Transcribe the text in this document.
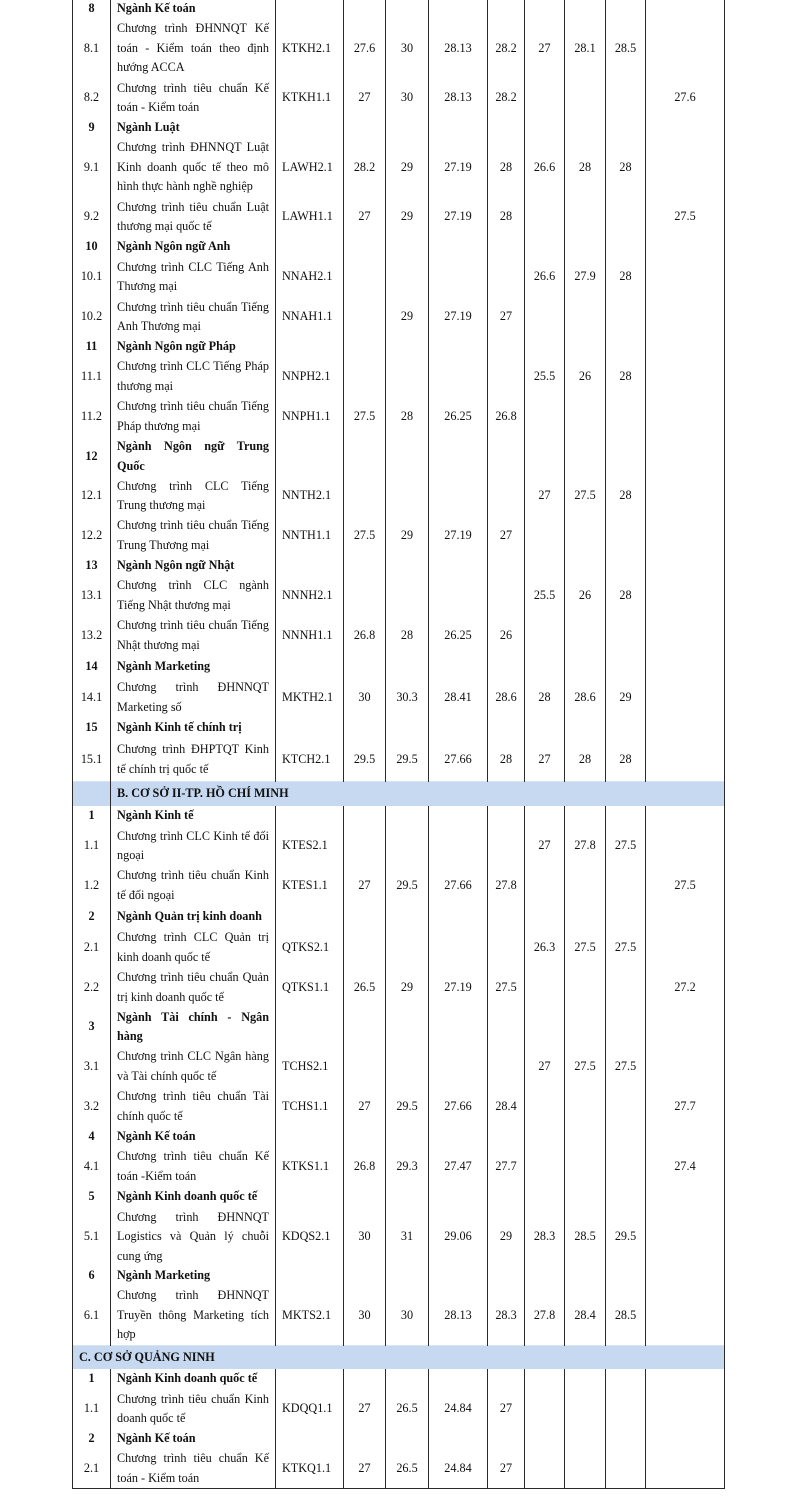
8	Ngành Kế toán									
8.1	Chương trình ĐHNNQT Kế toán - Kiểm toán theo định hướng ACCA	KTKH2.1	27.6	30	28.13	28.2	27	28.1	28.5	
8.2	Chương trình tiêu chuẩn Kế toán - Kiểm toán	KTKH1.1	27	30	28.13	28.2				27.6
9	Ngành Luật									
9.1	Chương trình ĐHNNQT Luật Kinh doanh quốc tế theo mô hình thực hành nghề nghiệp	LAWH2.1	28.2	29	27.19	28	26.6	28	28	
9.2	Chương trình tiêu chuẩn Luật thương mại quốc tế	LAWH1.1	27	29	27.19	28				27.5
10	Ngành Ngôn ngữ Anh									
10.1	Chương trình CLC Tiếng Anh Thương mại	NNAH2.1					26.6	27.9	28	
10.2	Chương trình tiêu chuẩn Tiếng Anh Thương mại	NNAH1.1		29	27.19	27				
11	Ngành Ngôn ngữ Pháp									
11.1	Chương trình CLC Tiếng Pháp thương mại	NNPH2.1					25.5	26	28	
11.2	Chương trình tiêu chuẩn Tiếng Pháp thương mại	NNPH1.1	27.5	28	26.25	26.8				
12	Ngành Ngôn ngữ Trung Quốc									
12.1	Chương trình CLC Tiếng Trung thương mại	NNTH2.1					27	27.5	28	
12.2	Chương trình tiêu chuẩn Tiếng Trung Thương mại	NNTH1.1	27.5	29	27.19	27				
13	Ngành Ngôn ngữ Nhật									
13.1	Chương trình CLC ngành Tiếng Nhật thương mại	NNNH2.1					25.5	26	28	
13.2	Chương trình tiêu chuẩn Tiếng Nhật thương mại	NNNH1.1	26.8	28	26.25	26				
14	Ngành Marketing									
14.1	Chương trình ĐHNNQT Marketing số	MKTH2.1	30	30.3	28.41	28.6	28	28.6	29	
15	Ngành Kinh tế chính trị									
15.1	Chương trình ĐHPTQT Kinh tế chính trị quốc tế	KTCH2.1	29.5	29.5	27.66	28	27	28	28	
	B. CƠ SỞ II-TP. HỒ CHÍ MINH									
1	Ngành Kinh tế									
1.1	Chương trình CLC Kinh tế đối ngoại	KTES2.1					27	27.8	27.5	
1.2	Chương trình tiêu chuẩn Kinh tế đối ngoại	KTES1.1	27	29.5	27.66	27.8				27.5
2	Ngành Quản trị kinh doanh									
2.1	Chương trình CLC Quản trị kinh doanh quốc tế	QTKS2.1					26.3	27.5	27.5	
2.2	Chương trình tiêu chuẩn Quản trị kinh doanh quốc tế	QTKS1.1	26.5	29	27.19	27.5				27.2
3	Ngành Tài chính - Ngân hàng									
3.1	Chương trình CLC Ngân hàng và Tài chính quốc tế	TCHS2.1					27	27.5	27.5	
3.2	Chương trình tiêu chuẩn Tài chính quốc tế	TCHS1.1	27	29.5	27.66	28.4				27.7
4	Ngành Kế toán									
4.1	Chương trình tiêu chuẩn Kế toán -Kiểm toán	KTKS1.1	26.8	29.3	27.47	27.7				27.4
5	Ngành Kinh doanh quốc tế									
5.1	Chương trình ĐHNNQT Logistics và Quản lý chuỗi cung ứng	KDQS2.1	30	31	29.06	29	28.3	28.5	29.5	
6	Ngành Marketing									
6.1	Chương trình ĐHNNQT Truyền thông Marketing tích hợp	MKTS2.1	30	30	28.13	28.3	27.8	28.4	28.5	
C. CƠ SỞ QUẢNG NINH										
1	Ngành Kinh doanh quốc tế									
1.1	Chương trình tiêu chuẩn Kinh doanh quốc tế	KDQQ1.1	27	26.5	24.84	27				
2	Ngành Kế toán									
2.1	Chương trình tiêu chuẩn Kế toán - Kiểm toán	KTKQ1.1	27	26.5	24.84	27				
